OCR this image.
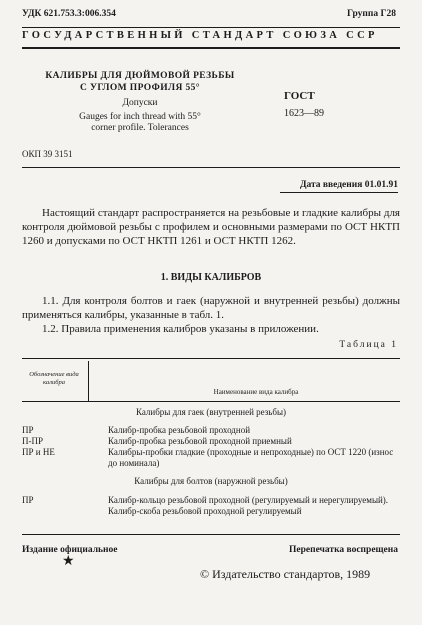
УДК 621.753.3:006.354	Группа Г28
ГОСУДАРСТВЕННЫЙ СТАНДАРТ СОЮЗА ССР
КАЛИБРЫ ДЛЯ ДЮЙМОВОЙ РЕЗЬБЫ
С УГЛОМ ПРОФИЛЯ 55°
Допуски
Gauges for inch thread with 55°
corner profile. Tolerances
ГОСТ
1623—89
ОКП 39 3151
Дата введения 01.01.91
Настоящий стандарт распространяется на резьбовые и гладкие калибры для контроля дюймовой резьбы с профилем и основными размерами по ОСТ НКТП 1260 и допусками по ОСТ НКТП 1261 и ОСТ НКТП 1262.
1. ВИДЫ КАЛИБРОВ
1.1. Для контроля болтов и гаек (наружной и внутренней резьбы) должны применяться калибры, указанные в табл. 1.
1.2. Правила применения калибров указаны в приложении.
Таблица 1
Обозначение вида калибра
Наименование вида калибра
Калибры для гаек (внутренней резьбы)
ПР	Калибр-пробка резьбовой проходной
П-ПР	Калибр-пробка резьбовой проходной приемный
ПР и НЕ	Калибры-пробки гладкие (проходные и непроходные) по ОСТ 1220 (износ до номинала)
Калибры для болтов (наружной резьбы)
ПР	Калибр-кольцо резьбовой проходной (регулируемый и нерегулируемый). Калибр-скоба резьбовой проходной регулируемый
Издание официальное	Перепечатка воспрещена
★
© Издательство стандартов, 1989
